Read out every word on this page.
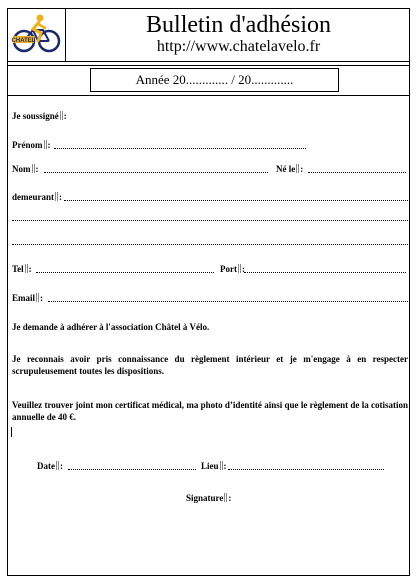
CHATEL
Bulletin d'adhésion
http://www.chatelavelo.fr
Année 20............. / 20.............
Je soussigné :
Prénom :
Nom :	Né le :
demeurant :
Tel :	Port :
Email :
Je demande à adhérer à l'association Châtel à Vélo.
Je reconnais avoir pris connaissance du règlement intérieur et je m'engage à en respecter scrupuleusement toutes les dispositions.
Veuillez trouver joint mon certificat médical, ma photo d’identité ainsi que le règlement de la cotisation annuelle de 40 €.
Date :	Lieu :
Signature :
